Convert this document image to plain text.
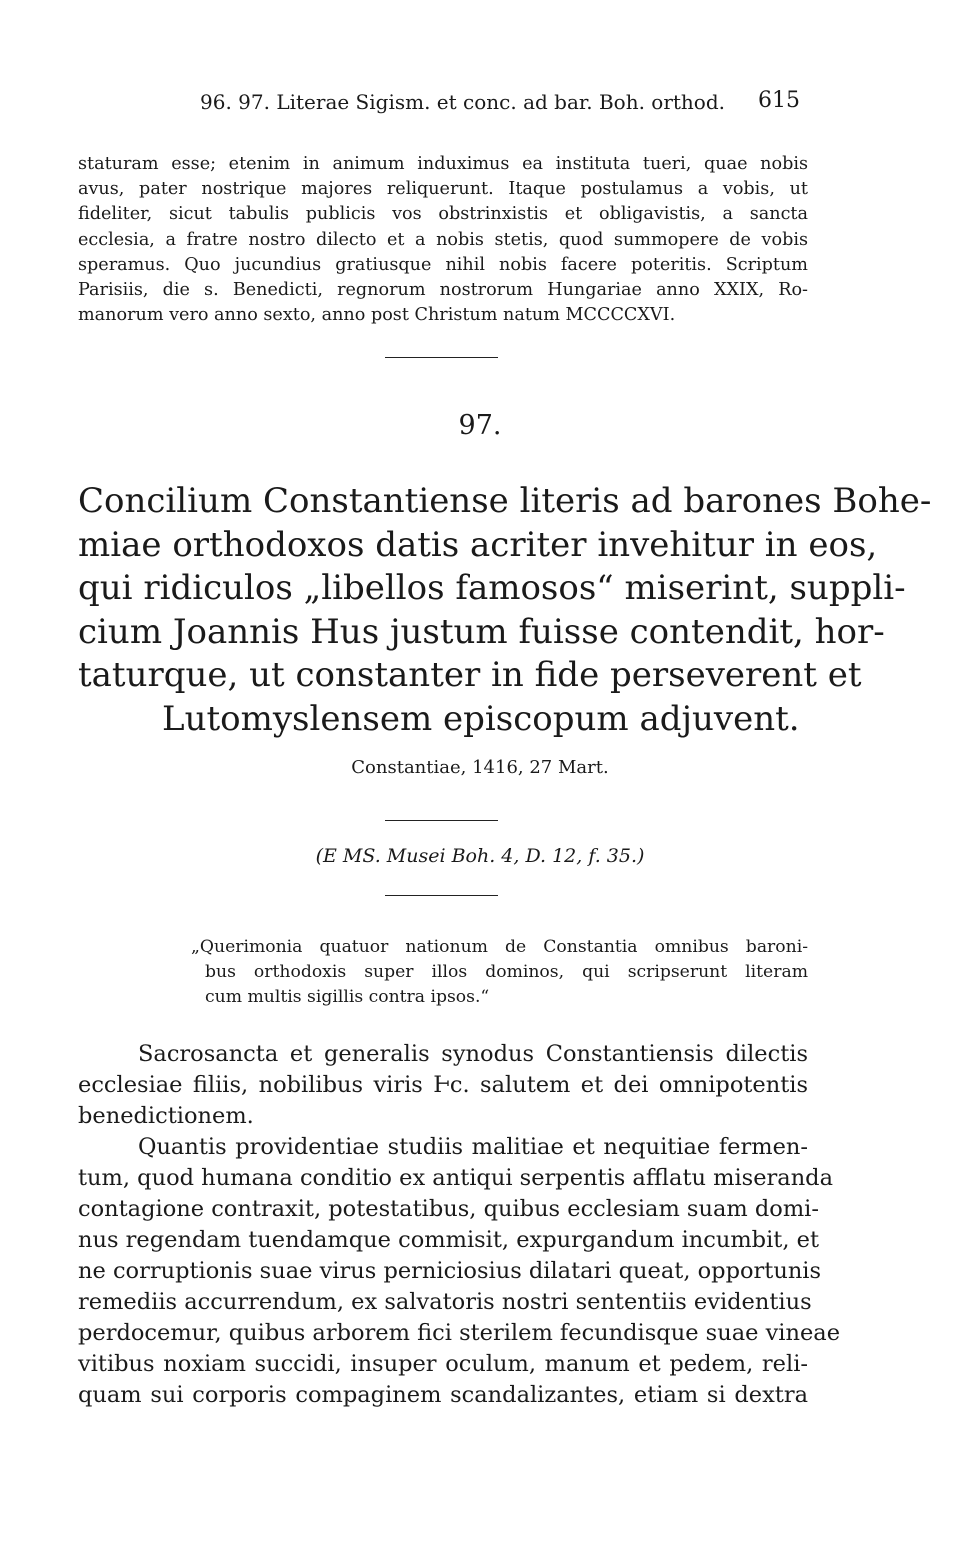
96. 97. Literae Sigism. et conc. ad bar. Boh. orthod. 615
staturam esse; etenim in animum induximus ea instituta tueri, quae nobis
avus, pater nostrique majores reliquerunt. Itaque postulamus a vobis, ut
fideliter, sicut tabulis publicis vos obstrinxistis et obligavistis, a sancta
ecclesia, a fratre nostro dilecto et a nobis stetis, quod summopere de vobis
speramus. Quo jucundius gratiusque nihil nobis facere poteritis. Scriptum
Parisiis, die s. Benedicti, regnorum nostrorum Hungariae anno XXIX, Ro-
manorum vero anno sexto, anno post Christum natum MCCCCXVI.
97.
Concilium Constantiense literis ad barones Bohe-
miae orthodoxos datis acriter invehitur in eos,
qui ridiculos „libellos famosos“ miserint, suppli-
cium Joannis Hus justum fuisse contendit, hor-
taturque, ut constanter in fide perseverent et
Lutomyslensem episcopum adjuvent.
Constantiae, 1416, 27 Mart.
(E MS. Musei Boh. 4, D. 12, f. 35.)
„Querimonia quatuor nationum de Constantia omnibus baroni-
bus orthodoxis super illos dominos, qui scripserunt literam
cum multis sigillis contra ipsos.“

Sacrosancta et generalis synodus Constantiensis dilectis
ecclesiae filiis, nobilibus viris Ⱶc. salutem et dei omnipotentis
benedictionem.

Quantis providentiae studiis malitiae et nequitiae fermen-
tum, quod humana conditio ex antiqui serpentis afflatu miseranda
contagione contraxit, potestatibus, quibus ecclesiam suam domi-
nus regendam tuendamque commisit, expurgandum incumbit, et
ne corruptionis suae virus perniciosius dilatari queat, opportunis
remediis accurrendum, ex salvatoris nostri sententiis evidentius
perdocemur, quibus arborem fici sterilem fecundisque suae vineae
vitibus noxiam succidi, insuper oculum, manum et pedem, reli-
quam sui corporis compaginem scandalizantes, etiam si dextra
